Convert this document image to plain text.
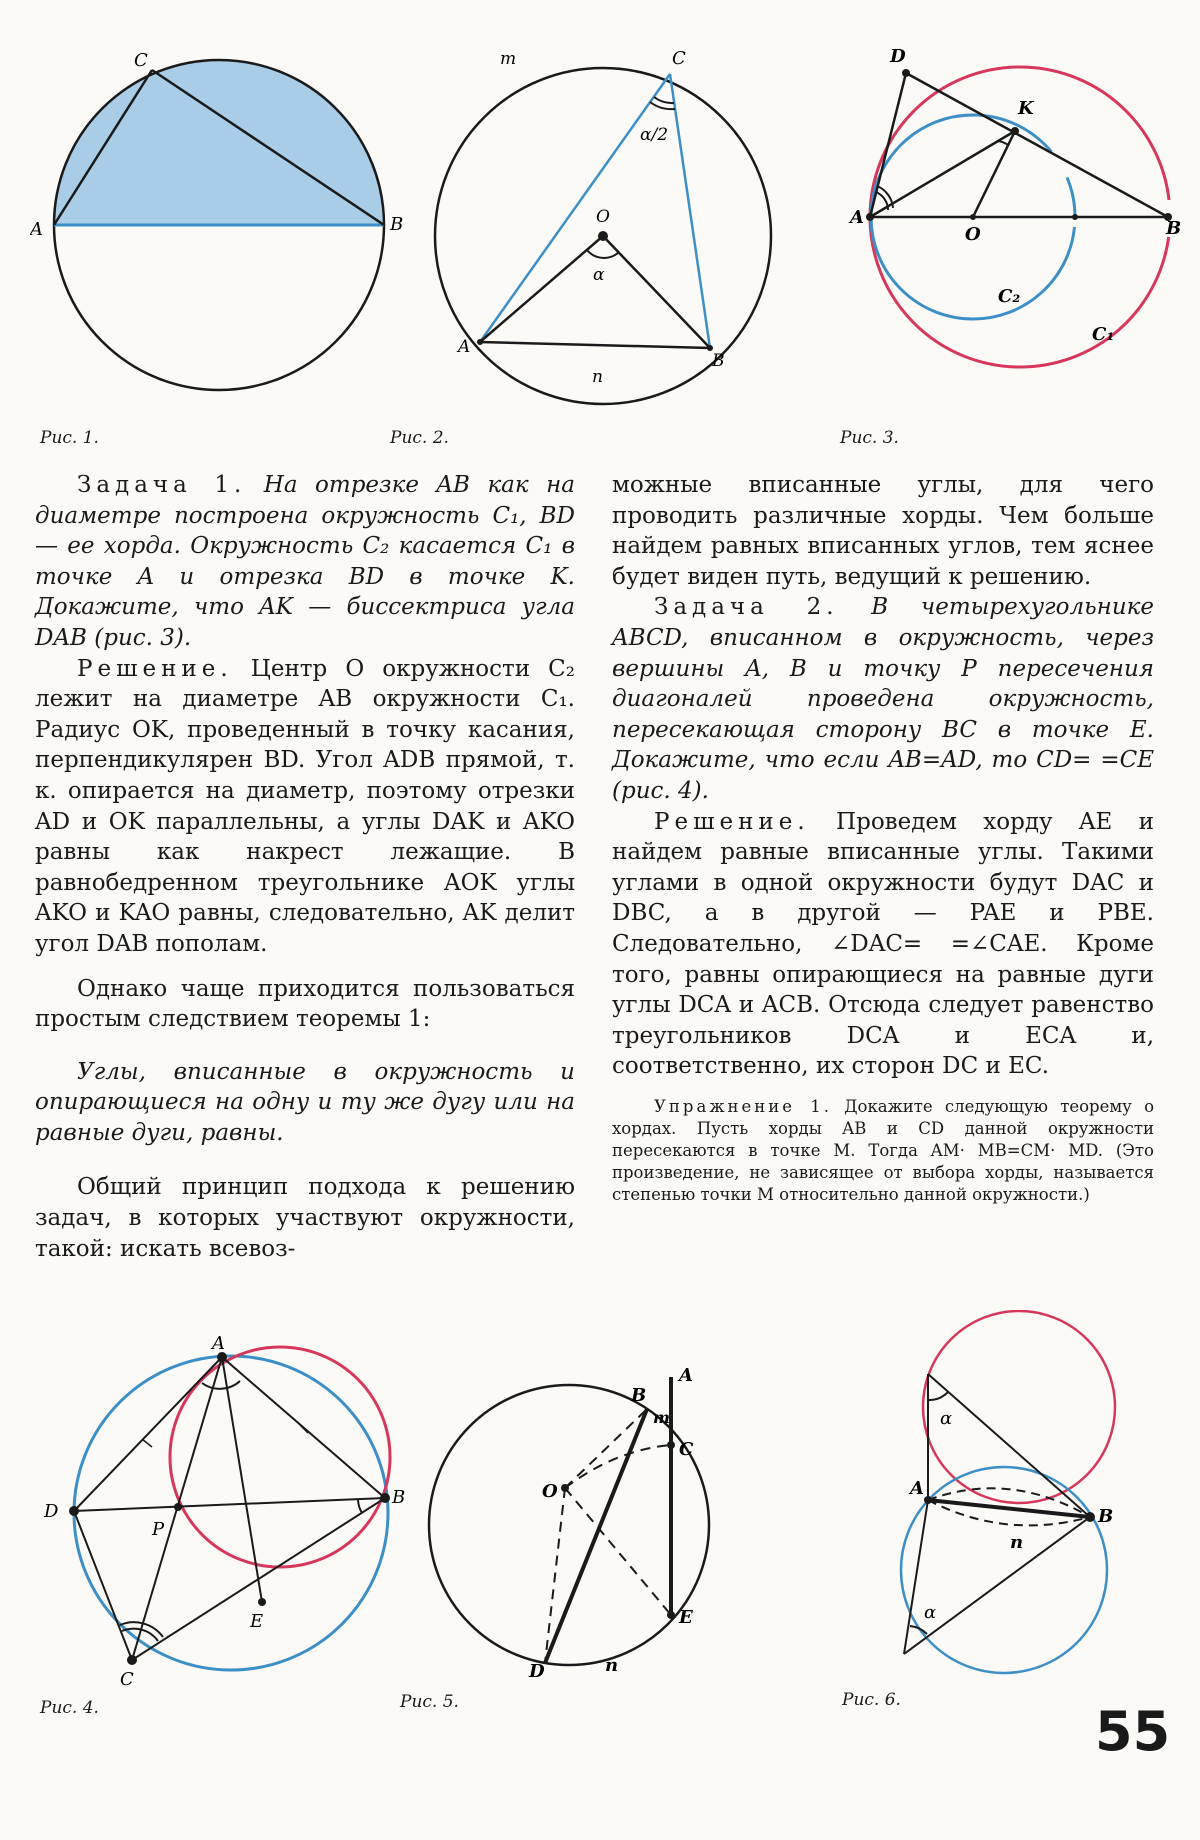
C
A	B
Рис. 1.
m	C
α/2
O
α
A
B
n
Рис. 2.
D
K
A
O	B
C₂
C₁
Рис. 3.

Задача 1. На отрезке AB как на диаметре построена окружность C₁, BD — ее хорда. Окружность C₂ касается C₁ в точке A и отрезка BD в точке K. Докажите, что AK — биссектриса угла DAB (рис. 3).

Решение. Центр O окружности C₂ лежит на диаметре AB окружности C₁. Радиус OK, проведенный в точку касания, перпендикулярен BD. Угол ADB прямой, т. к. опирается на диаметр, поэтому отрезки AD и OK параллельны, а углы DAK и AKO равны как накрест лежащие. В равнобедренном треугольнике AOK углы AKO и KAO равны, следовательно, AK делит угол DAB пополам.

Однако чаще приходится пользоваться простым следствием теоремы 1:

Углы, вписанные в окружность и опирающиеся на одну и ту же дугу или на равные дуги, равны.

Общий принцип подхода к решению задач, в которых участвуют окружности, такой: искать всевоз-

можные вписанные углы, для чего проводить различные хорды. Чем больше найдем равных вписанных углов, тем яснее будет виден путь, ведущий к решению.

Задача 2. В четырехугольнике ABCD, вписанном в окружность, через вершины A, B и точку P пересечения диагоналей проведена окружность, пересекающая сторону BC в точке E. Докажите, что если AB=AD, то CD= =CE (рис. 4).

Решение. Проведем хорду AE и найдем равные вписанные углы. Такими углами в одной окружности будут DAC и DBC, а в другой — PAE и PBE. Следовательно, ∠DAC= =∠CAE. Кроме того, равны опирающиеся на равные дуги углы DCA и ACB. Отсюда следует равенство треугольников DCA и ECA и, соответственно, их сторон DC и EC.

Упражнение 1. Докажите следующую теорему о хордах. Пусть хорды AB и CD данной окружности пересекаются в точке M. Тогда AM· MB=CM· MD. (Это произведение, не зависящее от выбора хорды, называется степенью точки M относительно данной окружности.)

A
B
D
P
E
C
Рис. 4.
A
B
m
C
O
E
D	n
Рис. 5.
α
A
B
n
α
Рис. 6.	55
